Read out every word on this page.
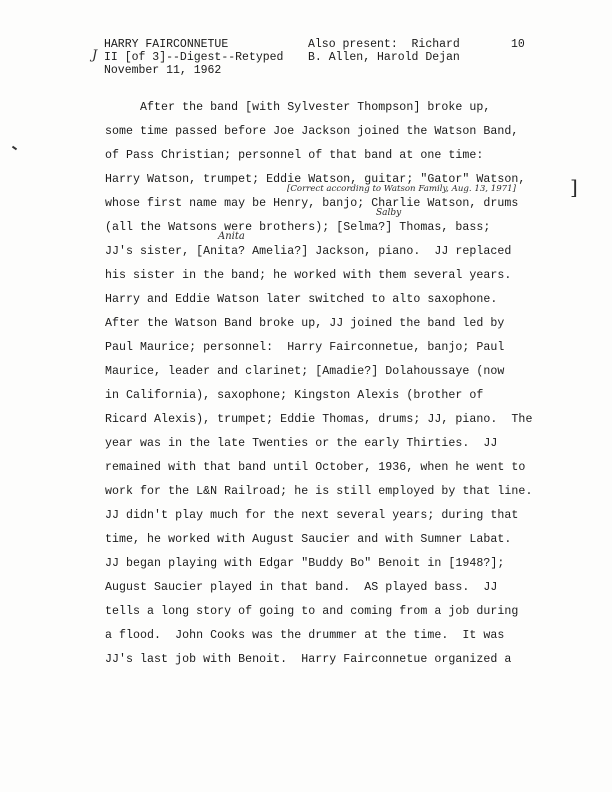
HARRY FAIRCONNETUE
II [of 3]--Digest--Retyped
November 11, 1962
J
Also present:  Richard
B. Allen, Harold Dejan
10
After the band [with Sylvester Thompson] broke up,
some time passed before Joe Jackson joined the Watson Band,
of Pass Christian; personnel of that band at one time:
Harry Watson, trumpet; Eddie Watson, guitar; "Gator" Watson,
whose first name may be Henry, banjo; Charlie Watson, drums
(all the Watsons were brothers); [Selma?] Thomas, bass;
JJ's sister, [Anita? Amelia?] Jackson, piano.  JJ replaced
his sister in the band; he worked with them several years.
Harry and Eddie Watson later switched to alto saxophone.
After the Watson Band broke up, JJ joined the band led by
Paul Maurice; personnel:  Harry Fairconnetue, banjo; Paul
Maurice, leader and clarinet; [Amadie?] Dolahoussaye (now
in California), saxophone; Kingston Alexis (brother of
Ricard Alexis), trumpet; Eddie Thomas, drums; JJ, piano.  The
year was in the late Twenties or the early Thirties.  JJ
remained with that band until October, 1936, when he went to
work for the L&N Railroad; he is still employed by that line.
JJ didn't play much for the next several years; during that
time, he worked with August Saucier and with Sumner Labat.
JJ began playing with Edgar "Buddy Bo" Benoit in [1948?];
August Saucier played in that band.  AS played bass.  JJ
tells a long story of going to and coming from a job during
a flood.  John Cooks was the drummer at the time.  It was
JJ's last job with Benoit.  Harry Fairconnetue organized a
[Correct according to Watson Family, Aug. 13, 1971]	]
Salby
Anita
